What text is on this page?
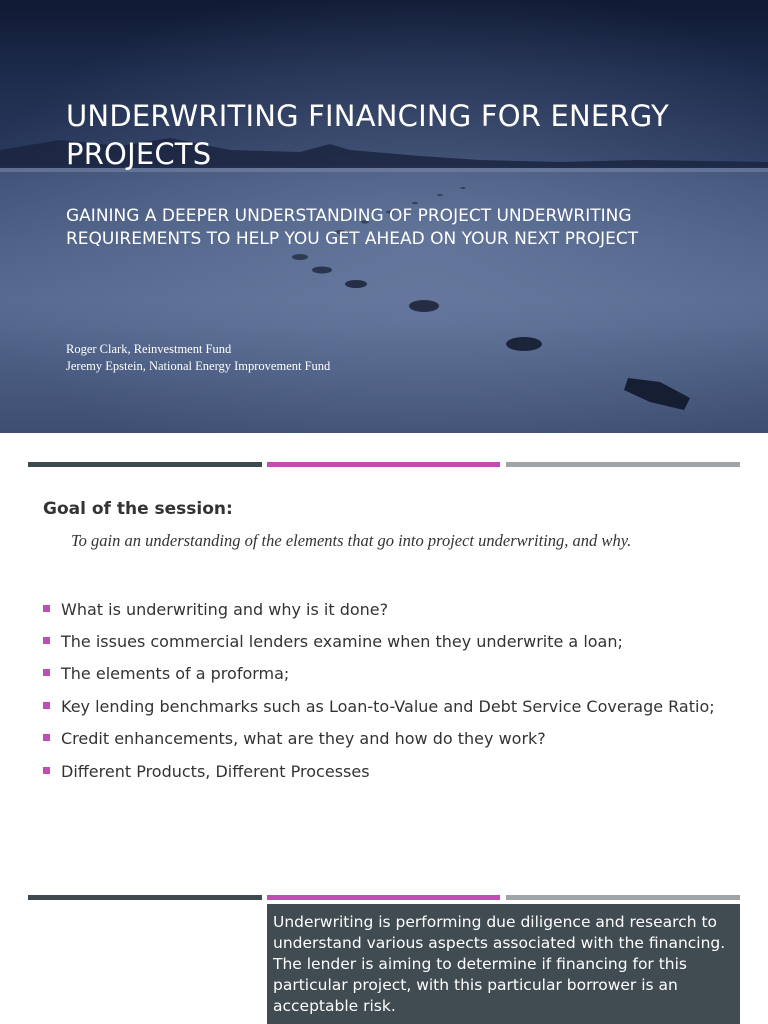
UNDERWRITING FINANCING FOR ENERGY PROJECTS
GAINING A DEEPER UNDERSTANDING OF PROJECT UNDERWRITING REQUIREMENTS TO HELP YOU GET AHEAD ON YOUR NEXT PROJECT
Roger Clark, Reinvestment Fund
Jeremy Epstein, National Energy Improvement Fund
Goal of the session:
To gain an understanding of the elements that go into project underwriting, and why.
What is underwriting and why is it done?
The issues commercial lenders examine when they underwrite a loan;
The elements of a proforma;
Key lending benchmarks such as Loan-to-Value and Debt Service Coverage Ratio;
Credit enhancements, what are they and how do they work?
Different Products, Different Processes
Underwriting is performing due diligence and research to understand various aspects associated with the financing. The lender is aiming to determine if financing for this particular project, with this particular borrower is an acceptable risk.
